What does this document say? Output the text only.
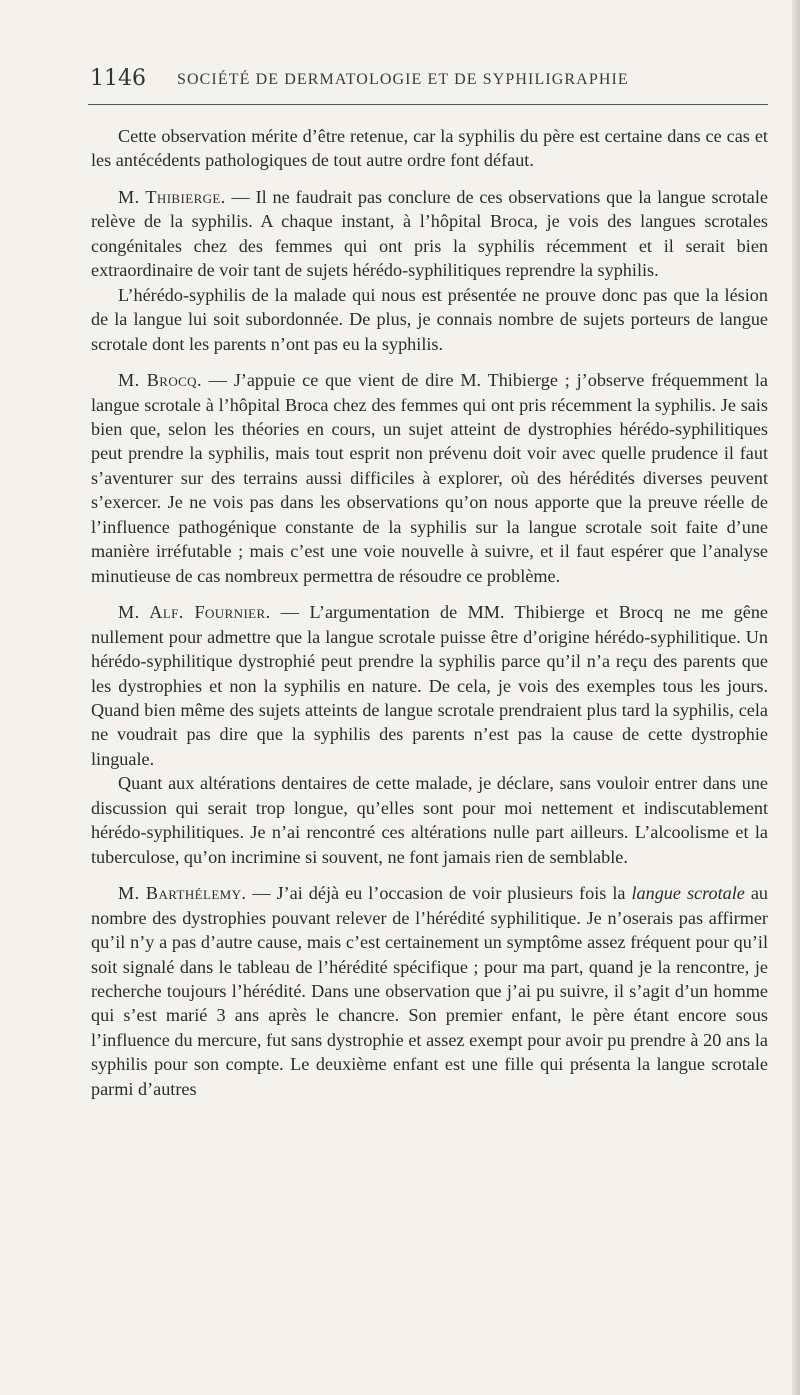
1146 SOCIÉTÉ DE DERMATOLOGIE ET DE SYPHILIGRAPHIE

Cette observation mérite d’être retenue, car la syphilis du père est certaine dans ce cas et les antécédents pathologiques de tout autre ordre font défaut.

M. Thibierge. — Il ne faudrait pas conclure de ces observations que la langue scrotale relève de la syphilis. A chaque instant, à l’hôpital Broca, je vois des langues scrotales congénitales chez des femmes qui ont pris la syphilis récemment et il serait bien extraordinaire de voir tant de sujets hérédo-syphilitiques reprendre la syphilis.

L’hérédo-syphilis de la malade qui nous est présentée ne prouve donc pas que la lésion de la langue lui soit subordonnée. De plus, je connais nombre de sujets porteurs de langue scrotale dont les parents n’ont pas eu la syphilis.

M. Brocq. — J’appuie ce que vient de dire M. Thibierge ; j’observe fréquemment la langue scrotale à l’hôpital Broca chez des femmes qui ont pris récemment la syphilis. Je sais bien que, selon les théories en cours, un sujet atteint de dystrophies hérédo-syphilitiques peut prendre la syphilis, mais tout esprit non prévenu doit voir avec quelle prudence il faut s’aventurer sur des terrains aussi difficiles à explorer, où des hérédités diverses peuvent s’exercer. Je ne vois pas dans les observations qu’on nous apporte que la preuve réelle de l’influence pathogénique constante de la syphilis sur la langue scrotale soit faite d’une manière irréfutable ; mais c’est une voie nouvelle à suivre, et il faut espérer que l’analyse minutieuse de cas nombreux permettra de résoudre ce problème.

M. Alf. Fournier. — L’argumentation de MM. Thibierge et Brocq ne me gêne nullement pour admettre que la langue scrotale puisse être d’origine hérédo-syphilitique. Un hérédo-syphilitique dystrophié peut prendre la syphilis parce qu’il n’a reçu des parents que les dystrophies et non la syphilis en nature. De cela, je vois des exemples tous les jours. Quand bien même des sujets atteints de langue scrotale prendraient plus tard la syphilis, cela ne voudrait pas dire que la syphilis des parents n’est pas la cause de cette dystrophie linguale.

Quant aux altérations dentaires de cette malade, je déclare, sans vouloir entrer dans une discussion qui serait trop longue, qu’elles sont pour moi nettement et indiscutablement hérédo-syphilitiques. Je n’ai rencontré ces altérations nulle part ailleurs. L’alcoolisme et la tuberculose, qu’on incrimine si souvent, ne font jamais rien de semblable.

M. Barthélemy. — J’ai déjà eu l’occasion de voir plusieurs fois la langue scrotale au nombre des dystrophies pouvant relever de l’hérédité syphilitique. Je n’oserais pas affirmer qu’il n’y a pas d’autre cause, mais c’est certainement un symptôme assez fréquent pour qu’il soit signalé dans le tableau de l’hérédité spécifique ; pour ma part, quand je la rencontre, je recherche toujours l’hérédité. Dans une observation que j’ai pu suivre, il s’agit d’un homme qui s’est marié 3 ans après le chancre. Son premier enfant, le père étant encore sous l’influence du mercure, fut sans dystrophie et assez exempt pour avoir pu prendre à 20 ans la syphilis pour son compte. Le deuxième enfant est une fille qui présenta la langue scrotale parmi d’autres
